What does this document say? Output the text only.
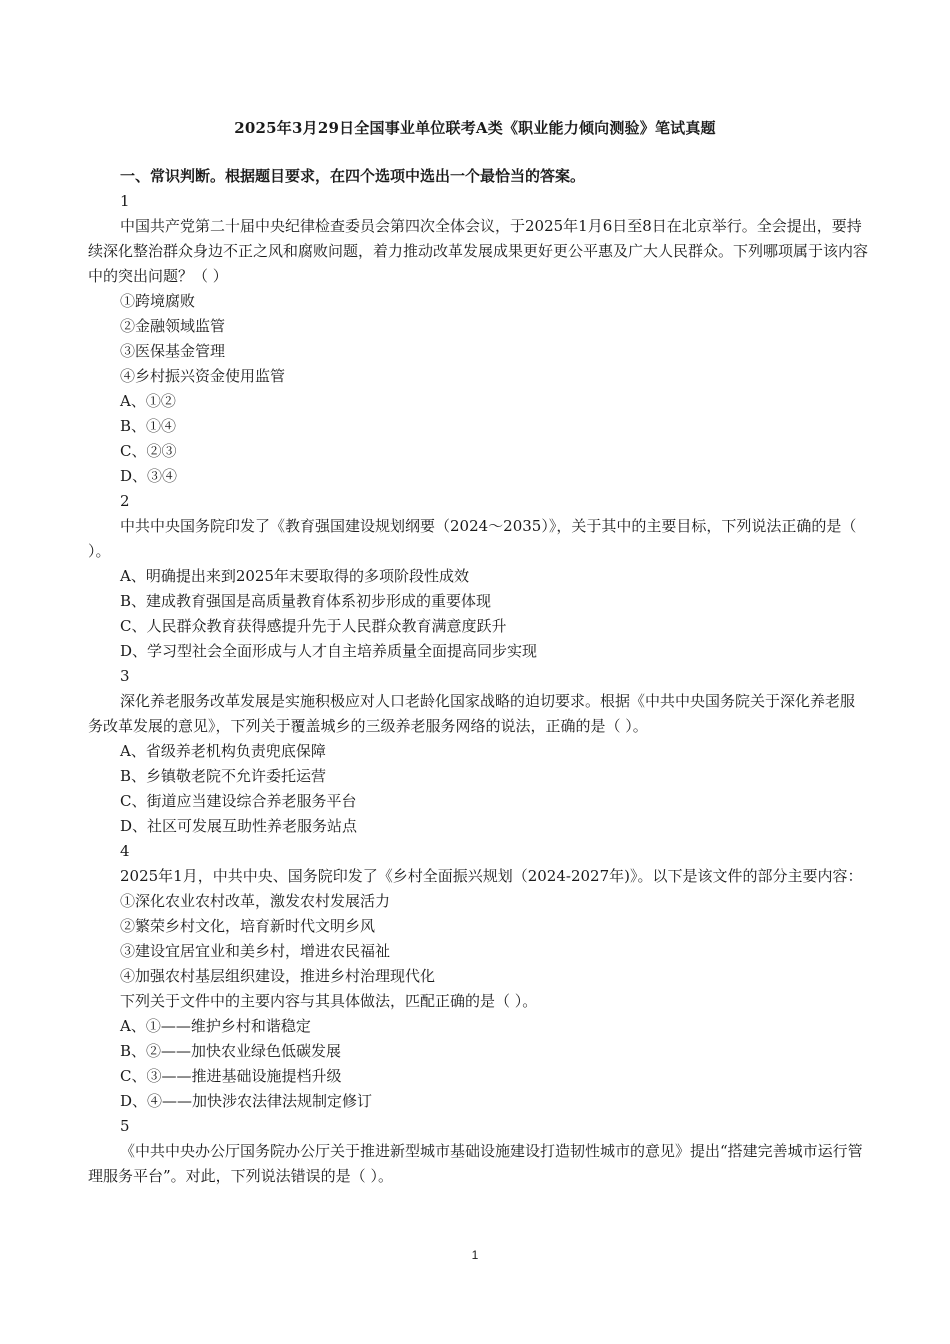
2025年3月29日全国事业单位联考A类《职业能力倾向测验》笔试真题

一、常识判断。根据题目要求，在四个选项中选出一个最恰当的答案。

1

中国共产党第二十届中央纪律检查委员会第四次全体会议，于2025年1月6日至8日在北京举行。全会提出，要持续深化整治群众身边不正之风和腐败问题，着力推动改革发展成果更好更公平惠及广大人民群众。下列哪项属于该内容中的突出问题？（ ）

①跨境腐败

②金融领域监管

③医保基金管理

④乡村振兴资金使用监管

A、①②

B、①④

C、②③

D、③④

2

中共中央国务院印发了《教育强国建设规划纲要（2024〜2035）》，关于其中的主要目标，下列说法正确的是（ ）。

A、明确提出来到2025年末要取得的多项阶段性成效

B、建成教育强国是高质量教育体系初步形成的重要体现

C、人民群众教育获得感提升先于人民群众教育满意度跃升

D、学习型社会全面形成与人才自主培养质量全面提高同步实现

3

深化养老服务改革发展是实施积极应对人口老龄化国家战略的迫切要求。根据《中共中央国务院关于深化养老服务改革发展的意见》，下列关于覆盖城乡的三级养老服务网络的说法，正确的是（ ）。

A、省级养老机构负责兜底保障

B、乡镇敬老院不允许委托运营

C、街道应当建设综合养老服务平台

D、社区可发展互助性养老服务站点

4

2025年1月，中共中央、国务院印发了《乡村全面振兴规划（2024-2027年)》。以下是该文件的部分主要内容：

①深化农业农村改革，激发农村发展活力

②繁荣乡村文化，培育新时代文明乡风

③建设宜居宜业和美乡村，增进农民福祉

④加强农村基层组织建设，推进乡村治理现代化

下列关于文件中的主要内容与其具体做法，匹配正确的是（ ）。

A、①——维护乡村和谐稳定

B、②——加快农业绿色低碳发展

C、③——推进基础设施提档升级

D、④——加快涉农法律法规制定修订

5

《中共中央办公厅国务院办公厅关于推进新型城市基础设施建设打造韧性城市的意见》提出“搭建完善城市运行管理服务平台”。对此，下列说法错误的是（ ）。

1
